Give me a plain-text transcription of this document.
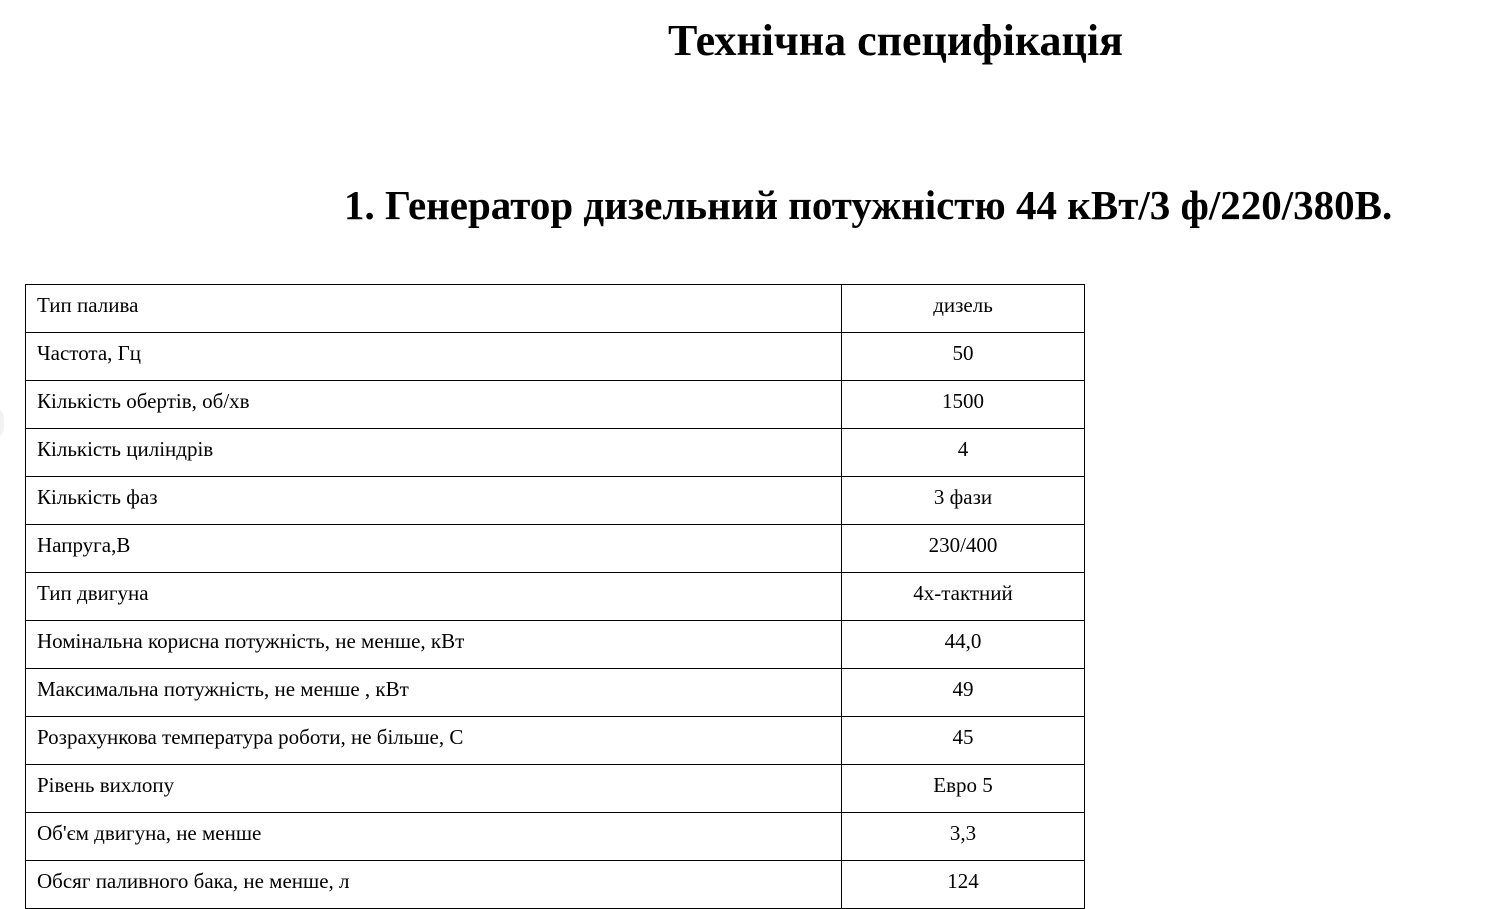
Технічна специфікація
1. Генератор дизельний потужністю 44 кВт/3 ф/220/380В.
Тип палива	дизель
Частота, Гц	50
Кількість обертів, об/хв	1500
Кількість циліндрів	4
Кількість фаз	3 фази
Напруга,В	230/400
Тип двигуна	4х-тактний
Номінальна корисна потужність, не менше, кВт	44,0
Максимальна потужність, не менше , кВт	49
Розрахункова температура роботи, не більше, С	45
Рівень вихлопу	Евро 5
Об'єм двигуна, не менше	3,3
Обсяг паливного бака, не менше, л	124
